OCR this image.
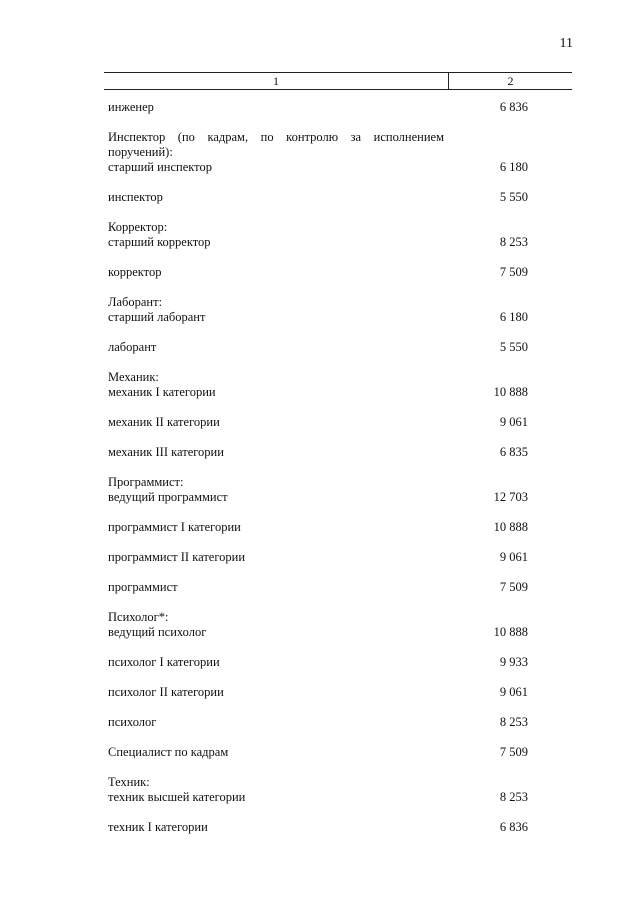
11
1	2
инженер	6 836
Инспектор (по кадрам, по контролю за исполнением поручений):
старший инспектор	6 180
инспектор	5 550
Корректор:
старший корректор	8 253
корректор	7 509
Лаборант:
старший лаборант	6 180
лаборант	5 550
Механик:
механик I категории	10 888
механик II категории	9 061
механик III категории	6 835
Программист:
ведущий программист	12 703
программист I категории	10 888
программист II категории	9 061
программист	7 509
Психолог*:
ведущий психолог	10 888
психолог I категории	9 933
психолог II категории	9 061
психолог	8 253
Специалист по кадрам	7 509
Техник:
техник высшей категории	8 253
техник I категории	6 836
